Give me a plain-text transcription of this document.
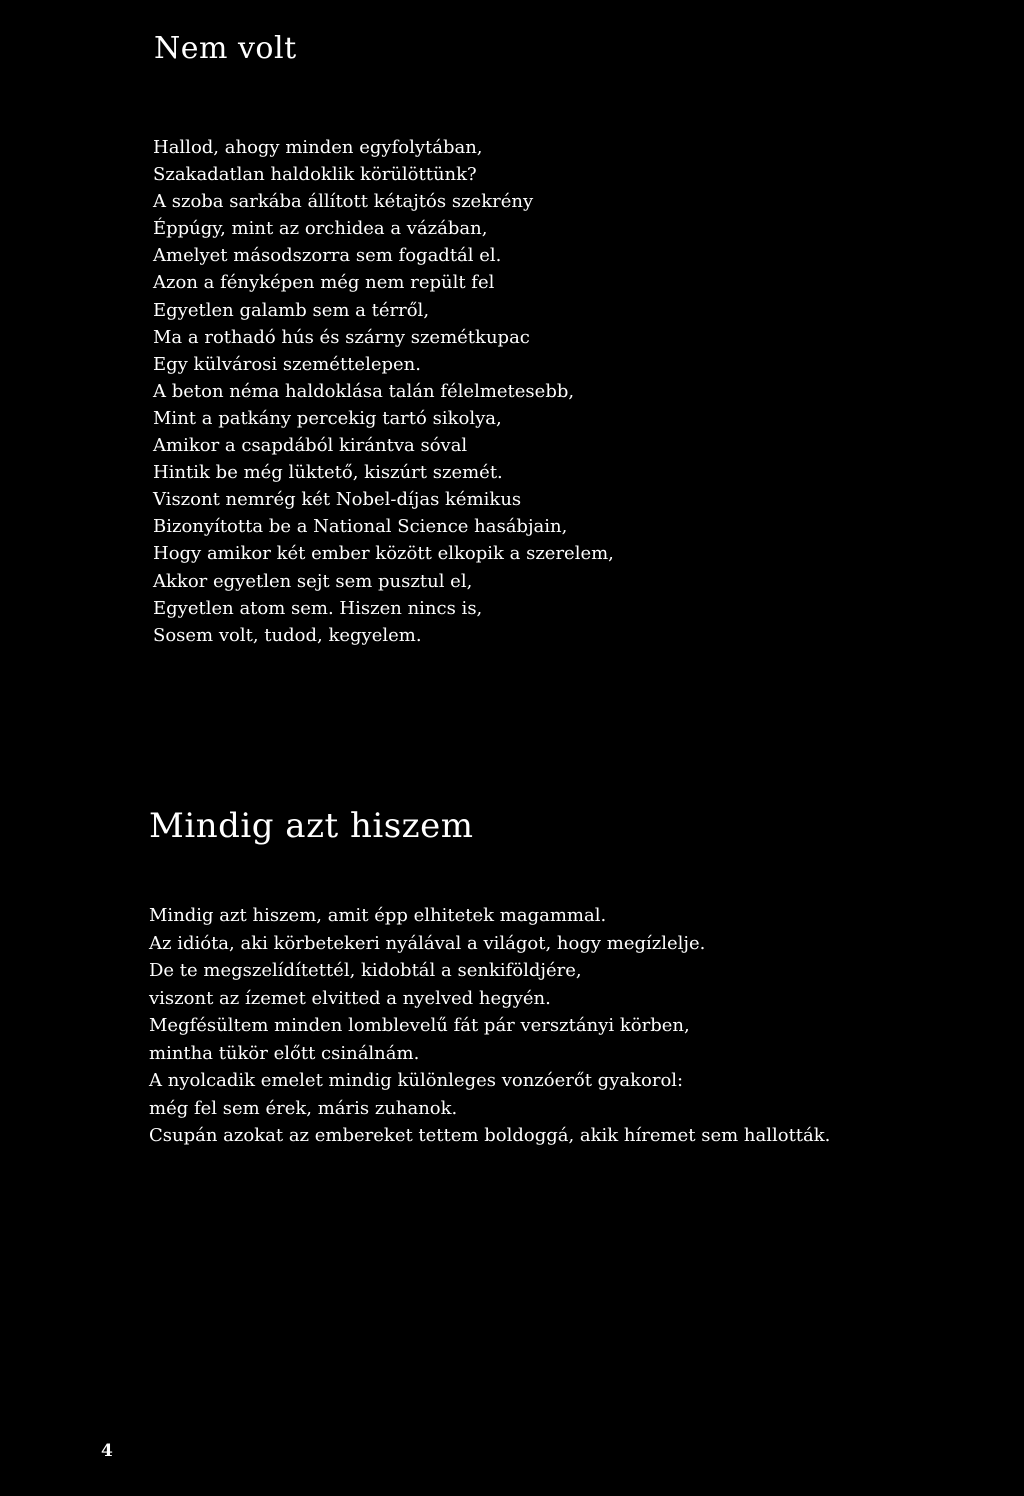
Nem volt
Hallod, ahogy minden egyfolytában,
Szakadatlan haldoklik körülöttünk?
A szoba sarkába állított kétajtós szekrény
Éppúgy, mint az orchidea a vázában,
Amelyet másodszorra sem fogadtál el.
Azon a fényképen még nem repült fel
Egyetlen galamb sem a térről,
Ma a rothadó hús és szárny szemétkupac
Egy külvárosi szeméttelepen.
A beton néma haldoklása talán félelmetesebb,
Mint a patkány percekig tartó sikolya,
Amikor a csapdából kirántva sóval
Hintik be még lüktető, kiszúrt szemét.
Viszont nemrég két Nobel-díjas kémikus
Bizonyította be a National Science hasábjain,
Hogy amikor két ember között elkopik a szerelem,
Akkor egyetlen sejt sem pusztul el,
Egyetlen atom sem. Hiszen nincs is,
Sosem volt, tudod, kegyelem.
Mindig azt hiszem
Mindig azt hiszem, amit épp elhitetek magammal.
Az idióta, aki körbetekeri nyálával a világot, hogy megízlelje.
De te megszelídítettél, kidobtál a senkiföldjére,
viszont az ízemet elvitted a nyelved hegyén.
Megfésültem minden lomblevelű fát pár versztányi körben,
mintha tükör előtt csinálnám.
A nyolcadik emelet mindig különleges vonzóerőt gyakorol:
még fel sem érek, máris zuhanok.
Csupán azokat az embereket tettem boldoggá, akik híremet sem hallották.
4
